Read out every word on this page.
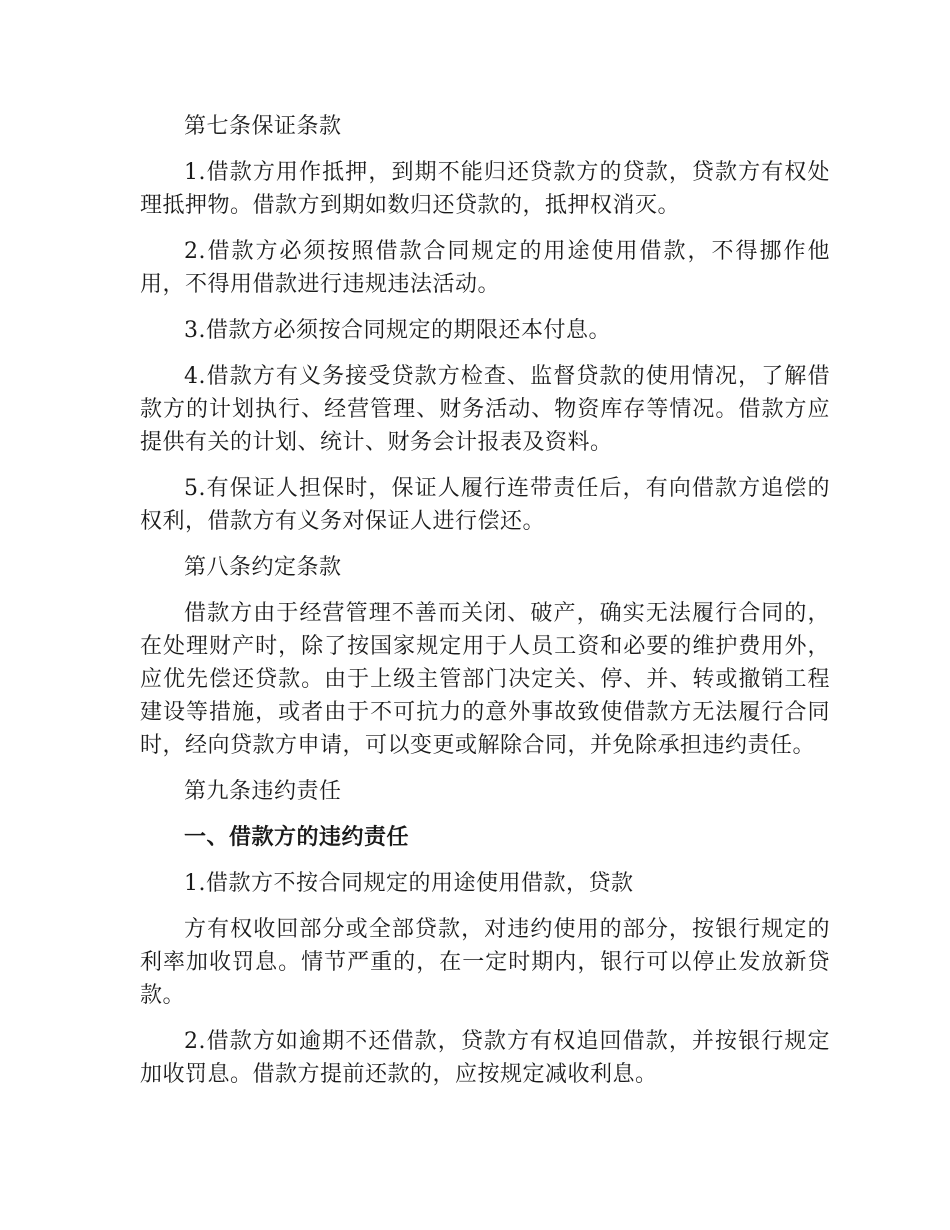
第七条保证条款

1.借款方用作抵押，到期不能归还贷款方的贷款，贷款方有权处理抵押物。借款方到期如数归还贷款的，抵押权消灭。

2.借款方必须按照借款合同规定的用途使用借款，不得挪作他用，不得用借款进行违规违法活动。

3.借款方必须按合同规定的期限还本付息。

4.借款方有义务接受贷款方检查、监督贷款的使用情况，了解借款方的计划执行、经营管理、财务活动、物资库存等情况。借款方应提供有关的计划、统计、财务会计报表及资料。

5.有保证人担保时，保证人履行连带责任后，有向借款方追偿的权利，借款方有义务对保证人进行偿还。

第八条约定条款

借款方由于经营管理不善而关闭、破产，确实无法履行合同的，在处理财产时，除了按国家规定用于人员工资和必要的维护费用外，应优先偿还贷款。由于上级主管部门决定关、停、并、转或撤销工程建设等措施，或者由于不可抗力的意外事故致使借款方无法履行合同时，经向贷款方申请，可以变更或解除合同，并免除承担违约责任。

第九条违约责任

一、借款方的违约责任

1.借款方不按合同规定的用途使用借款，贷款

方有权收回部分或全部贷款，对违约使用的部分，按银行规定的利率加收罚息。情节严重的，在一定时期内，银行可以停止发放新贷款。

2.借款方如逾期不还借款，贷款方有权追回借款，并按银行规定加收罚息。借款方提前还款的，应按规定减收利息。
